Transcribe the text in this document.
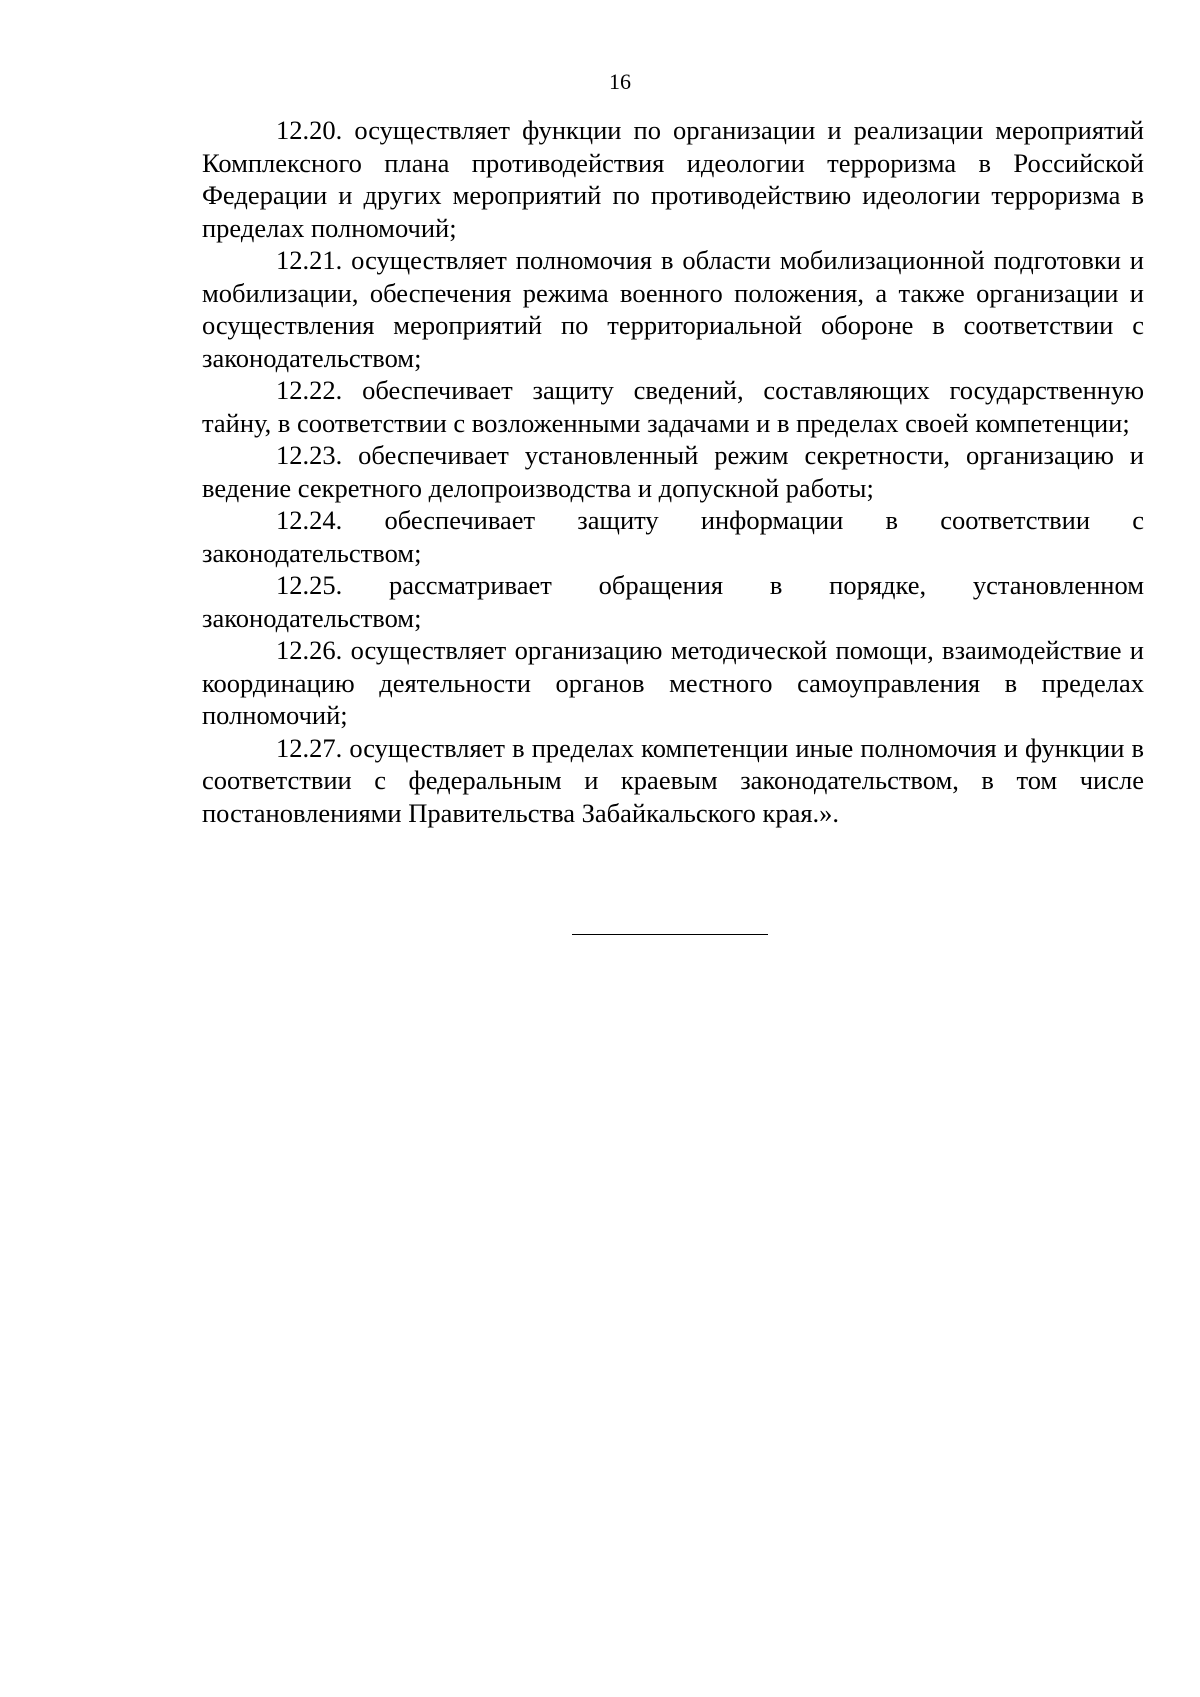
16

12.20. осуществляет функции по организации и реализации мероприятий Комплексного плана противодействия идеологии терроризма в Российской Федерации и других мероприятий по противодействию идеологии терроризма в пределах полномочий;

12.21. осуществляет полномочия в области мобилизационной подготовки и мобилизации, обеспечения режима военного положения, а также организации и осуществления мероприятий по территориальной обороне в соответствии с законодательством;

12.22. обеспечивает защиту сведений, составляющих государственную тайну, в соответствии с возложенными задачами и в пределах своей компетенции;

12.23. обеспечивает установленный режим секретности, организацию и ведение секретного делопроизводства и допускной работы;

12.24. обеспечивает защиту информации в соответствии с законодательством;

12.25. рассматривает обращения в порядке, установленном законодательством;

12.26. осуществляет организацию методической помощи, взаимодействие и координацию деятельности органов местного самоуправления в пределах полномочий;

12.27. осуществляет в пределах компетенции иные полномочия и функции в соответствии с федеральным и краевым законодательством, в том числе постановлениями Правительства Забайкальского края.».
